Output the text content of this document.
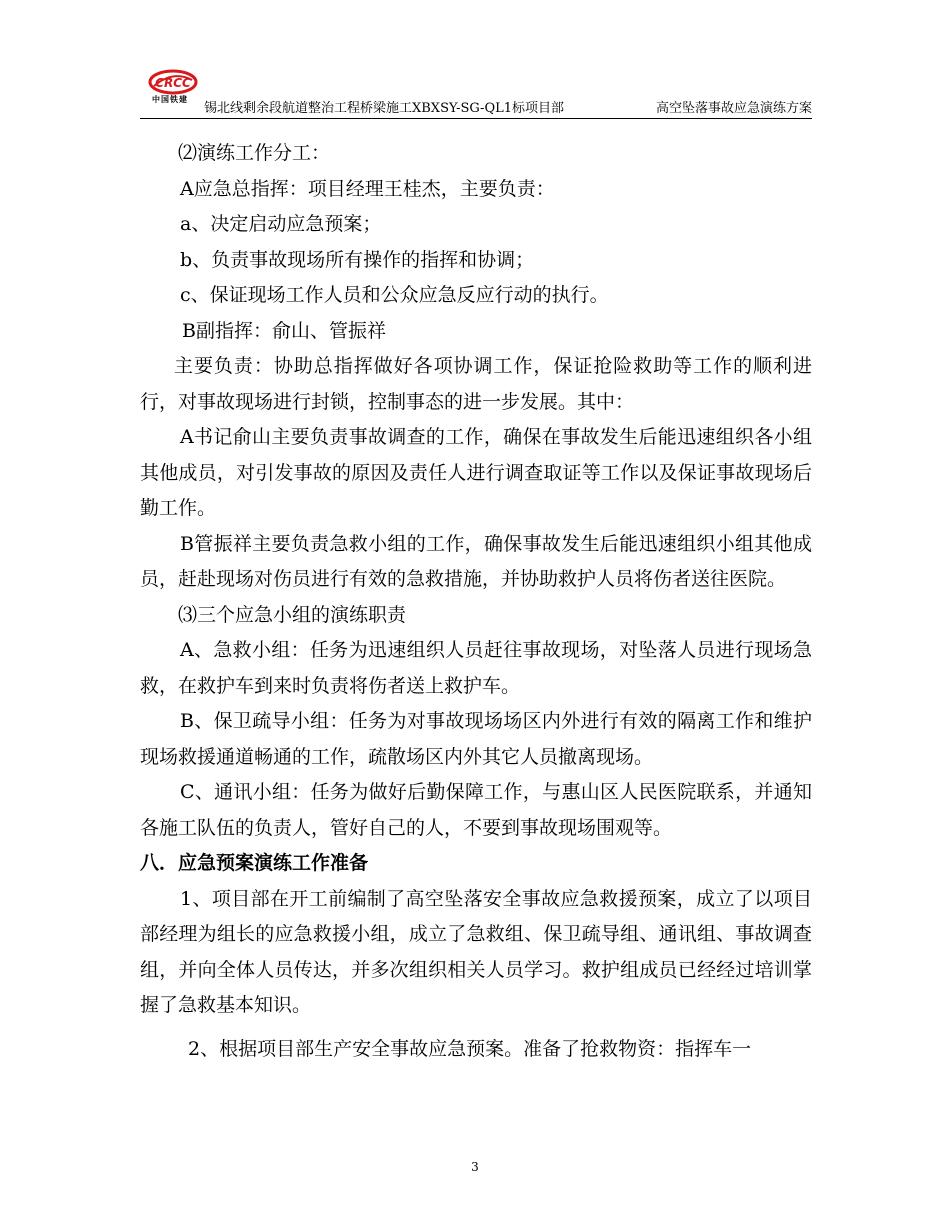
CRCC
中国铁建
锡北线剩余段航道整治工程桥梁施工XBXSY-SG-QL1标项目部	高空坠落事故应急演练方案

⑵演练工作分工：

A应急总指挥：项目经理王桂杰，主要负责：

a、决定启动应急预案；

b、负责事故现场所有操作的指挥和协调；

c、保证现场工作人员和公众应急反应行动的执行。

B副指挥：俞山、管振祥

主要负责：协助总指挥做好各项协调工作，保证抢险救助等工作的顺利进行，对事故现场进行封锁，控制事态的进一步发展。其中：

A书记俞山主要负责事故调查的工作，确保在事故发生后能迅速组织各小组其他成员，对引发事故的原因及责任人进行调查取证等工作以及保证事故现场后勤工作。

B管振祥主要负责急救小组的工作，确保事故发生后能迅速组织小组其他成员，赶赴现场对伤员进行有效的急救措施，并协助救护人员将伤者送往医院。

⑶三个应急小组的演练职责

A、急救小组：任务为迅速组织人员赶往事故现场，对坠落人员进行现场急救，在救护车到来时负责将伤者送上救护车。

B、保卫疏导小组：任务为对事故现场场区内外进行有效的隔离工作和维护现场救援通道畅通的工作，疏散场区内外其它人员撤离现场。

C、通讯小组：任务为做好后勤保障工作，与惠山区人民医院联系，并通知各施工队伍的负责人，管好自己的人，不要到事故现场围观等。

八．应急预案演练工作准备

1、项目部在开工前编制了高空坠落安全事故应急救援预案，成立了以项目部经理为组长的应急救援小组，成立了急救组、保卫疏导组、通讯组、事故调查组，并向全体人员传达，并多次组织相关人员学习。救护组成员已经经过培训掌握了急救基本知识。

2、根据项目部生产安全事故应急预案。准备了抢救物资：指挥车一

3
